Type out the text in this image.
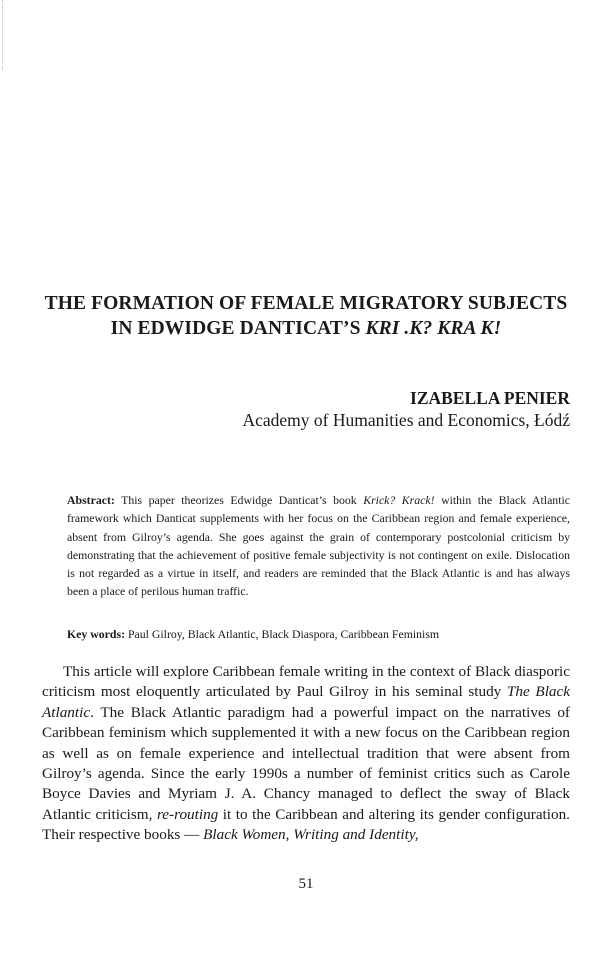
THE FORMATION OF FEMALE MIGRATORY SUBJECTS
IN EDWIDGE DANTICAT’S KRI .K? KRA K!
IZABELLA PENIER
Academy of Humanities and Economics, Łódź
Abstract: This paper theorizes Edwidge Danticat’s book Krick? Krack! within the Black Atlantic framework which Danticat supplements with her focus on the Caribbean region and female experience, absent from Gilroy’s agenda. She goes against the grain of contemporary postcolonial criticism by demonstrating that the achievement of positive female subjectivity is not contingent on exile. Dislocation is not regarded as a virtue in itself, and readers are reminded that the Black Atlantic is and has always been a place of perilous human traffic.
Key words: Paul Gilroy, Black Atlantic, Black Diaspora, Caribbean Feminism
This article will explore Caribbean female writing in the context of Black diasporic criticism most eloquently articulated by Paul Gilroy in his seminal study The Black Atlantic. The Black Atlantic paradigm had a powerful impact on the narratives of Caribbean feminism which supplemented it with a new focus on the Caribbean region as well as on female experience and intellectual tradition that were absent from Gilroy’s agenda. Since the early 1990s a number of feminist critics such as Carole Boyce Davies and Myriam J. A. Chancy managed to deflect the sway of Black Atlantic criticism, re-routing it to the Caribbean and altering its gender configuration. Their respective books — Black Women, Writing and Identity,
51
